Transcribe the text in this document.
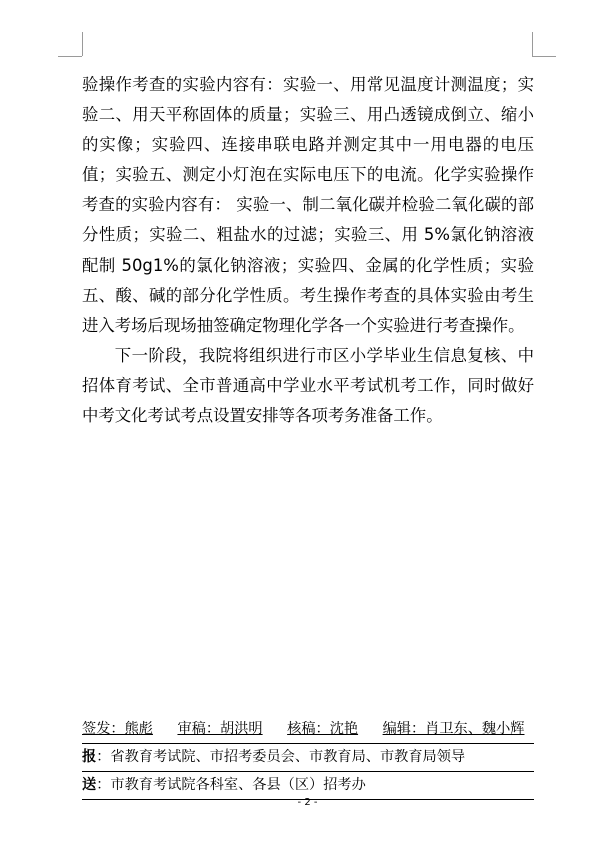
验操作考查的实验内容有：实验一、用常见温度计测温度；实验二、用天平称固体的质量；实验三、用凸透镜成倒立、缩小的实像；实验四、连接串联电路并测定其中一用电器的电压值；实验五、测定小灯泡在实际电压下的电流。化学实验操作考查的实验内容有： 实验一、制二氧化碳并检验二氧化碳的部分性质；实验二、粗盐水的过滤；实验三、用 5%氯化钠溶液配制 50g1%的氯化钠溶液；实验四、金属的化学性质；实验五、酸、碱的部分化学性质。考生操作考查的具体实验由考生进入考场后现场抽签确定物理化学各一个实验进行考查操作。

下一阶段，我院将组织进行市区小学毕业生信息复核、中招体育考试、全市普通高中学业水平考试机考工作，同时做好中考文化考试考点设置安排等各项考务准备工作。

签发：熊彪 审稿：胡洪明 核稿：沈艳 编辑：肖卫东、魏小辉
报：省教育考试院、市招考委员会、市教育局、市教育局领导
送：市教育考试院各科室、各县（区）招考办
- 2 -
